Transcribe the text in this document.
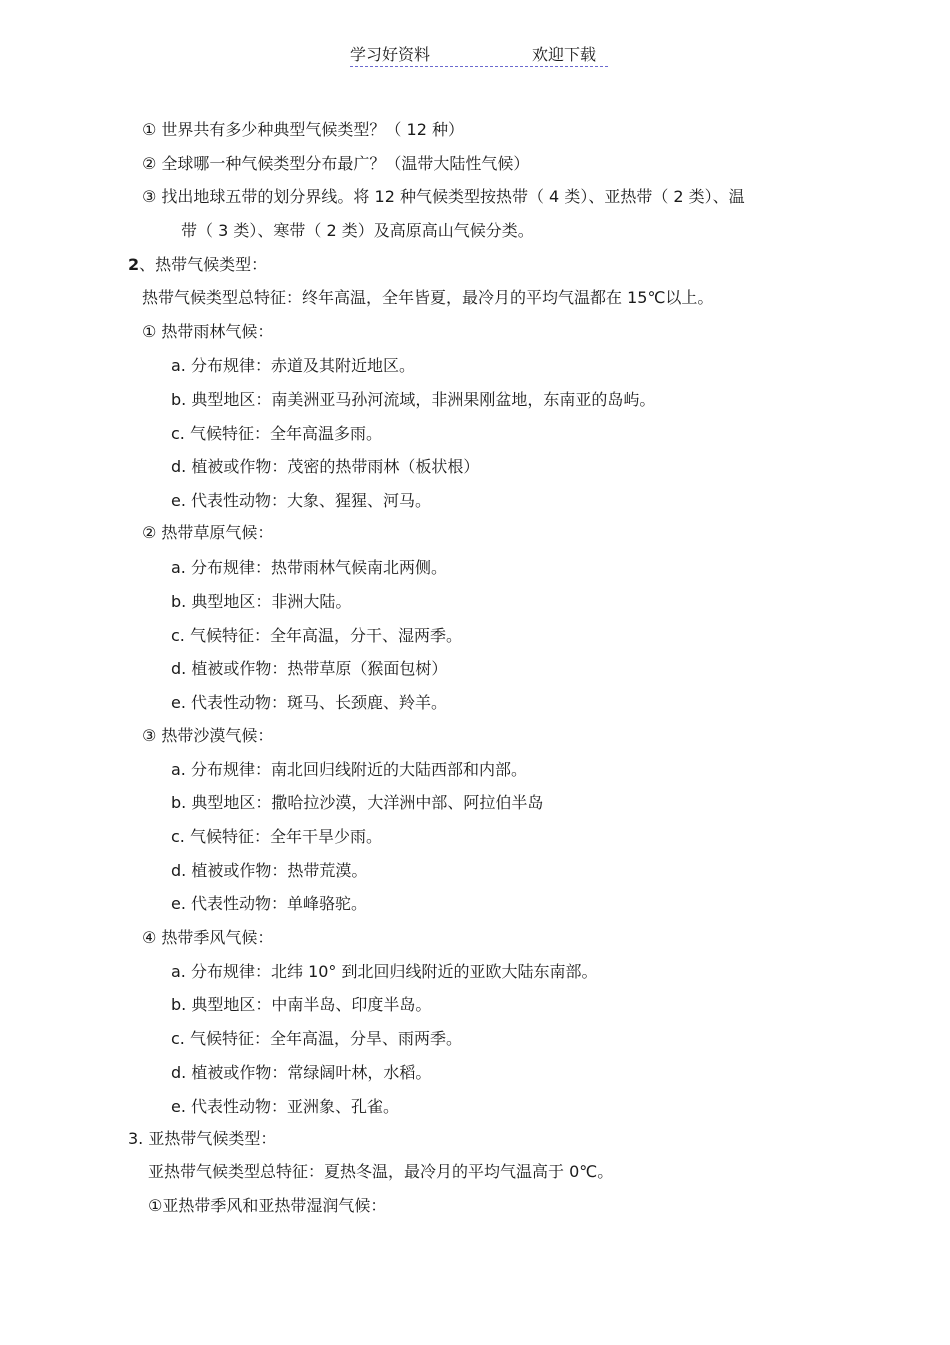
学习好资料	欢迎下载
① 世界共有多少种典型气候类型？（ 12 种）
② 全球哪一种气候类型分布最广？（温带大陆性气候）
③ 找出地球五带的划分界线。将 12 种气候类型按热带（ 4 类）、亚热带（ 2 类）、温
带（ 3 类）、寒带（ 2 类）及高原高山气候分类。
2、热带气候类型：
热带气候类型总特征：终年高温，全年皆夏，最冷月的平均气温都在 15℃以上。
① 热带雨林气候：
a. 分布规律：赤道及其附近地区。
b. 典型地区：南美洲亚马孙河流域，非洲果刚盆地，东南亚的岛屿。
c. 气候特征：全年高温多雨。
d. 植被或作物：茂密的热带雨林（板状根）
e. 代表性动物：大象、猩猩、河马。
② 热带草原气候：
a. 分布规律：热带雨林气候南北两侧。
b. 典型地区：非洲大陆。
c. 气候特征：全年高温，分干、湿两季。
d. 植被或作物：热带草原（猴面包树）
e. 代表性动物：斑马、长颈鹿、羚羊。
③ 热带沙漠气候：
a. 分布规律：南北回归线附近的大陆西部和内部。
b. 典型地区：撒哈拉沙漠，大洋洲中部、阿拉伯半岛
c. 气候特征：全年干旱少雨。
d. 植被或作物：热带荒漠。
e. 代表性动物：单峰骆驼。
④ 热带季风气候：
a. 分布规律：北纬 10° 到北回归线附近的亚欧大陆东南部。
b. 典型地区：中南半岛、印度半岛。
c. 气候特征：全年高温，分旱、雨两季。
d. 植被或作物：常绿阔叶林，水稻。
e. 代表性动物：亚洲象、孔雀。
3. 亚热带气候类型：
亚热带气候类型总特征：夏热冬温，最冷月的平均气温高于 0℃。
①亚热带季风和亚热带湿润气候：
